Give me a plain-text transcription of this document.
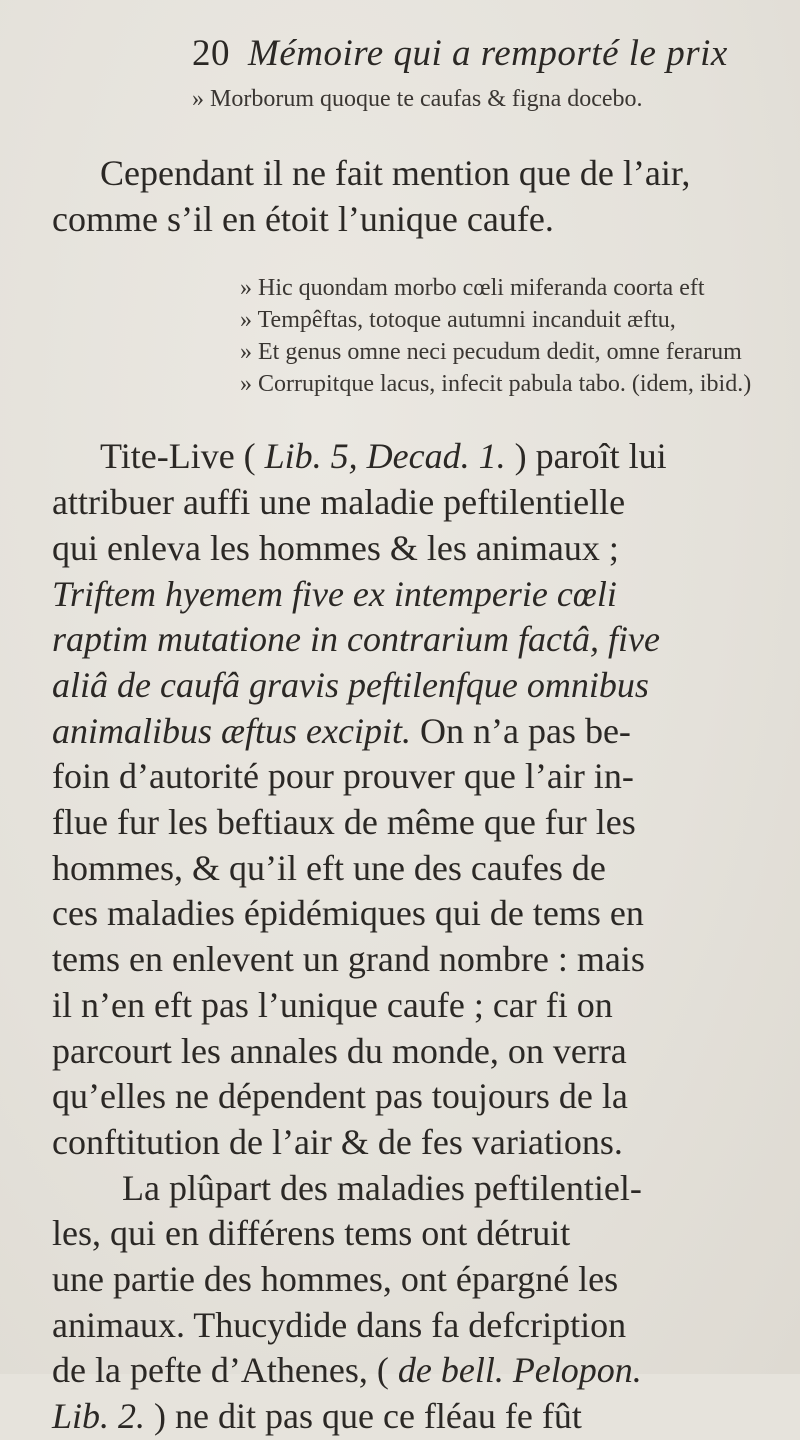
20 Mémoire qui a remporté le prix

» Morborum quoque te caufas & figna docebo.

Cependant il ne fait mention que de l’air,

comme s’il en étoit l’unique caufe.

» Hic quondam morbo cœli miferanda coorta eft

» Tempêftas, totoque autumni incanduit æftu,

» Et genus omne neci pecudum dedit, omne ferarum

» Corrupitque lacus, infecit pabula tabo. (idem, ibid.)

Tite-Live ( Lib. 5, Decad. 1. ) paroît lui

attribuer auffi une maladie peftilentielle

qui enleva les hommes & les animaux ;

Triftem hyemem five ex intemperie cœli

raptim mutatione in contrarium factâ, five

aliâ de caufâ gravis peftilenfque omnibus

animalibus æftus excipit. On n’a pas be-

foin d’autorité pour prouver que l’air in-

flue fur les beftiaux de même que fur les

hommes, & qu’il eft une des caufes de

ces maladies épidémiques qui de tems en

tems en enlevent un grand nombre : mais

il n’en eft pas l’unique caufe ; car fi on

parcourt les annales du monde, on verra

qu’elles ne dépendent pas toujours de la

conftitution de l’air & de fes variations.

La plûpart des maladies peftilentiel-

les, qui en différens tems ont détruit

une partie des hommes, ont épargné les

animaux. Thucydide dans fa defcription

de la pefte d’Athenes, ( de bell. Pelopon.

Lib. 2. ) ne dit pas que ce fléau fe fût
